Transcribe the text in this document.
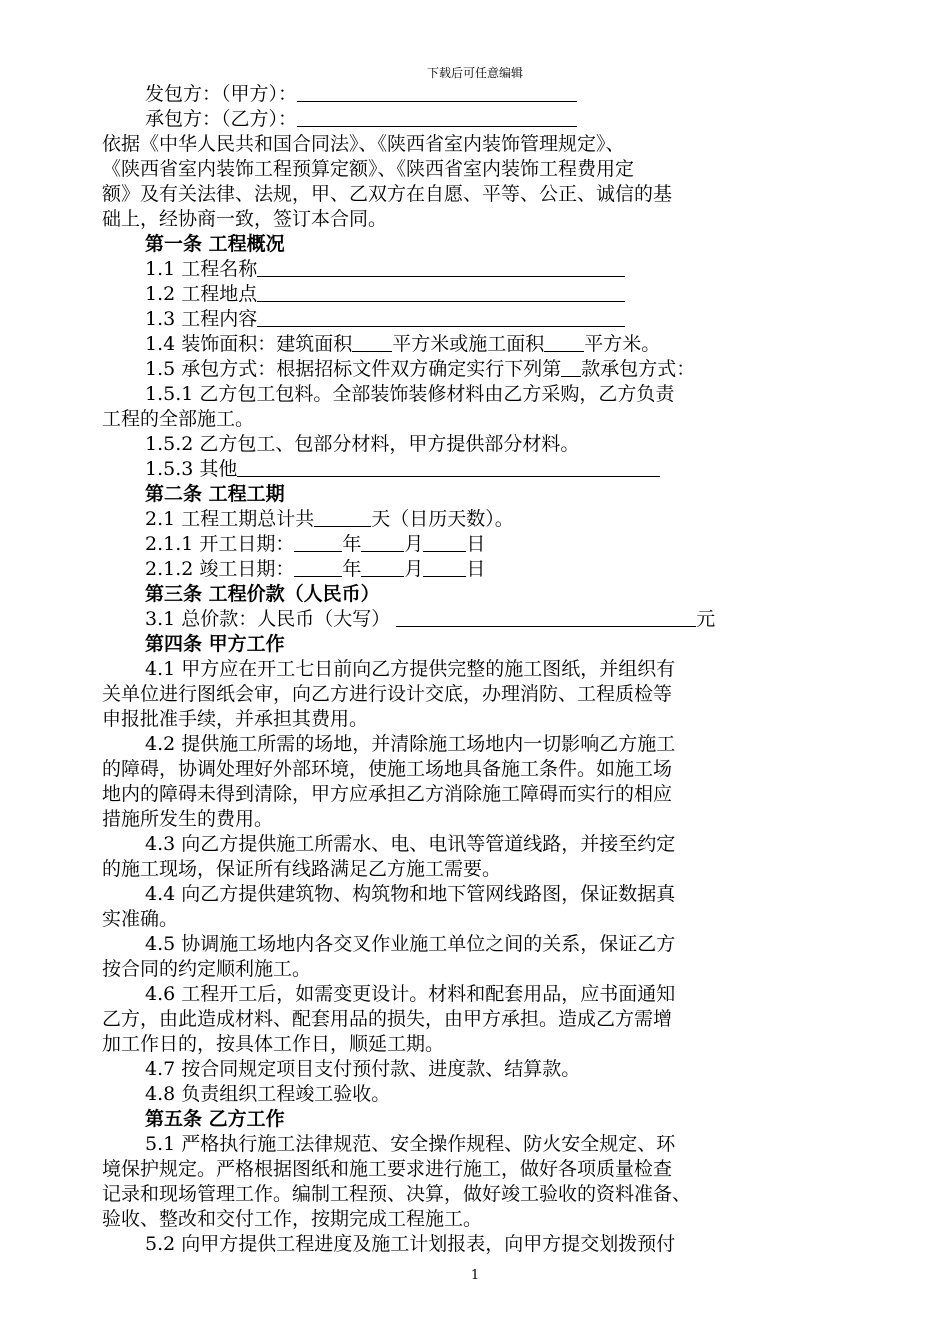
下载后可任意编辑
发包方：（甲方）：
承包方：（乙方）：
依据《中华人民共和国合同法》、《陕西省室内装饰管理规定》、
《陕西省室内装饰工程预算定额》、《陕西省室内装饰工程费用定
额》及有关法律、法规，甲、乙双方在自愿、平等、公正、诚信的基
础上，经协商一致，签订本合同。
第一条 工程概况
1.1 工程名称
1.2 工程地点
1.3 工程内容
1.4 装饰面积：建筑面积 平方米或施工面积 平方米。
1.5 承包方式：根据招标文件双方确定实行下列第 款承包方式：
1.5.1 乙方包工包料。全部装饰装修材料由乙方采购，乙方负责
工程的全部施工。
1.5.2 乙方包工、包部分材料，甲方提供部分材料。
1.5.3 其他
第二条 工程工期
2.1 工程工期总计共	天（日历天数）。
2.1.1 开工日期：	年 月 日
2.1.2 竣工日期：	年 月 日
第三条 工程价款（人民币）
3.1 总价款：人民币（大写）	元
第四条 甲方工作
4.1 甲方应在开工七日前向乙方提供完整的施工图纸，并组织有
关单位进行图纸会审，向乙方进行设计交底，办理消防、工程质检等
申报批准手续，并承担其费用。
4.2 提供施工所需的场地，并清除施工场地内一切影响乙方施工
的障碍，协调处理好外部环境，使施工场地具备施工条件。如施工场
地内的障碍未得到清除，甲方应承担乙方消除施工障碍而实行的相应
措施所发生的费用。
4.3 向乙方提供施工所需水、电、电讯等管道线路，并接至约定
的施工现场，保证所有线路满足乙方施工需要。
4.4 向乙方提供建筑物、构筑物和地下管网线路图，保证数据真
实准确。
4.5 协调施工场地内各交叉作业施工单位之间的关系，保证乙方
按合同的约定顺利施工。
4.6 工程开工后，如需变更设计。材料和配套用品，应书面通知
乙方，由此造成材料、配套用品的损失，由甲方承担。造成乙方需增
加工作日的，按具体工作日，顺延工期。
4.7 按合同规定项目支付预付款、进度款、结算款。
4.8 负责组织工程竣工验收。
第五条 乙方工作
5.1 严格执行施工法律规范、安全操作规程、防火安全规定、环
境保护规定。严格根据图纸和施工要求进行施工，做好各项质量检查
记录和现场管理工作。编制工程预、决算，做好竣工验收的资料准备、
验收、整改和交付工作，按期完成工程施工。
5.2 向甲方提供工程进度及施工计划报表，向甲方提交划拨预付
1
